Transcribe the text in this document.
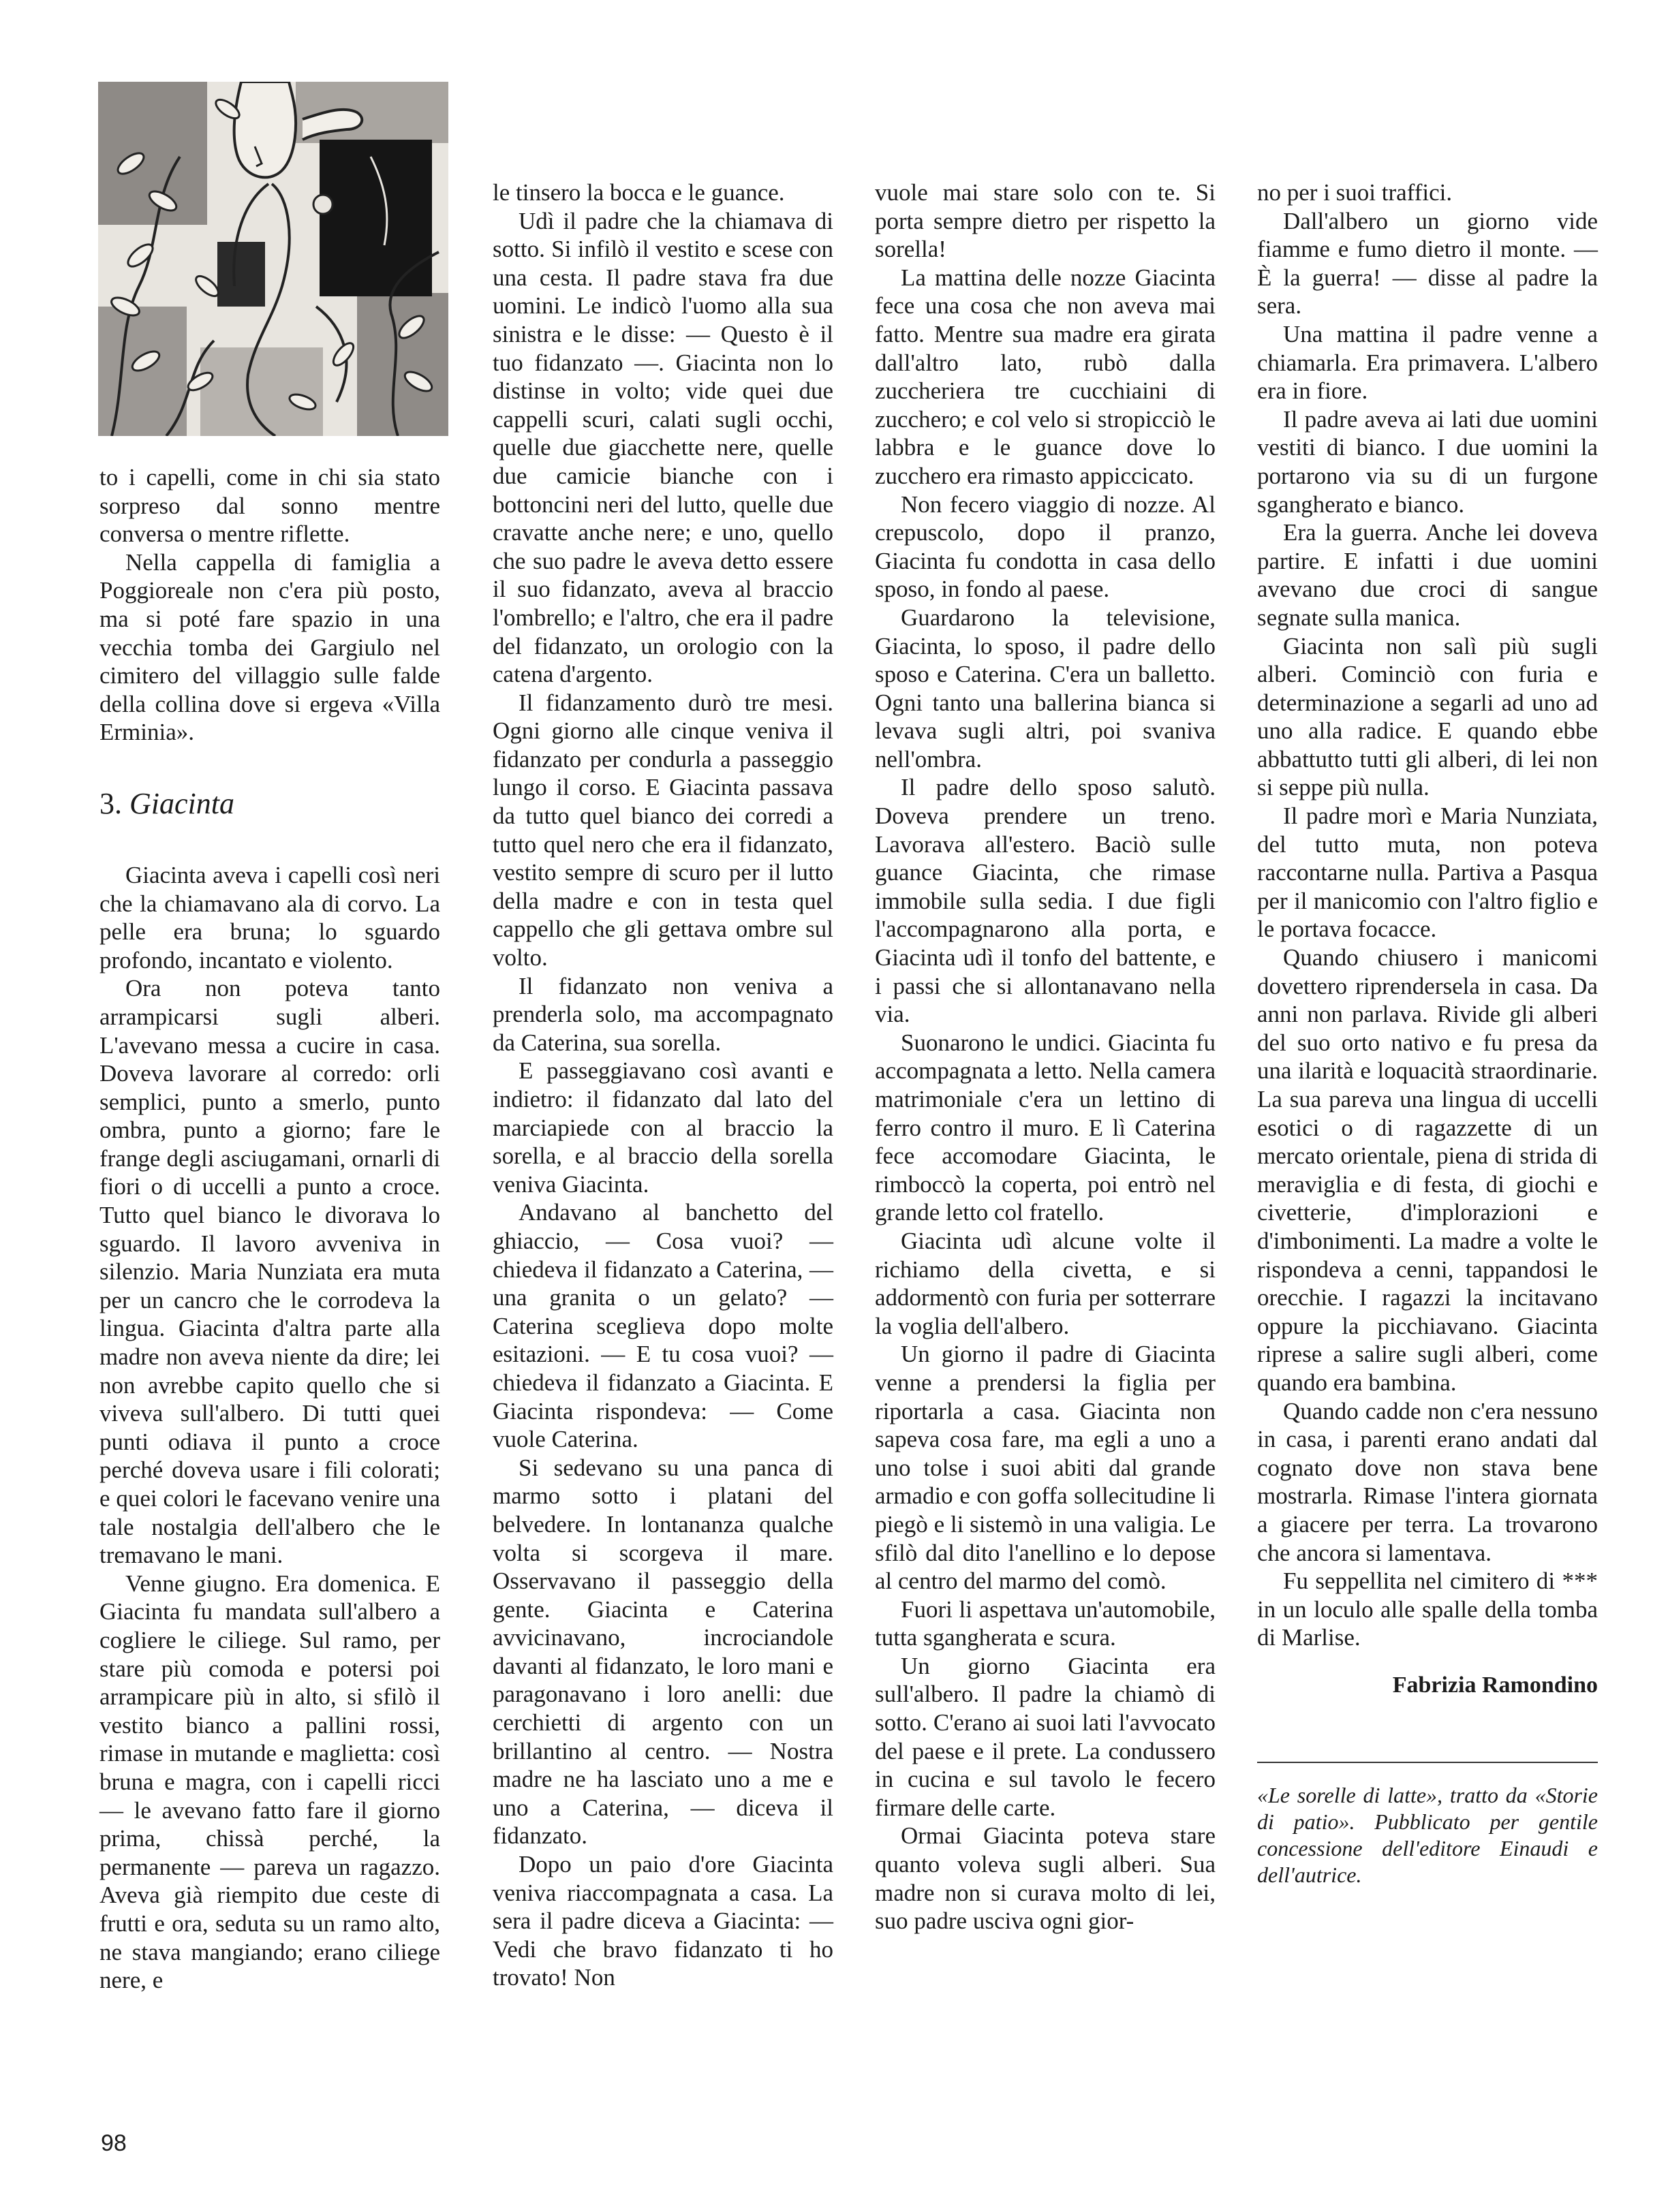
to i capelli, come in chi sia stato sorpreso dal sonno mentre conversa o mentre riflette.

Nella cappella di famiglia a Poggioreale non c'era più posto, ma si poté fare spazio in una vecchia tomba dei Gargiulo nel cimitero del villaggio sulle falde della collina dove si ergeva «Villa Erminia».

3. Giacinta

Giacinta aveva i capelli così neri che la chiamavano ala di corvo. La pelle era bruna; lo sguardo profondo, incantato e violento.

Ora non poteva tanto arrampicarsi sugli alberi. L'avevano messa a cucire in casa. Doveva lavorare al corredo: orli semplici, punto a smerlo, punto ombra, punto a giorno; fare le frange degli asciugamani, ornarli di fiori o di uccelli a punto a croce. Tutto quel bianco le divorava lo sguardo. Il lavoro avveniva in silenzio. Maria Nunziata era muta per un cancro che le corrodeva la lingua. Giacinta d'altra parte alla madre non aveva niente da dire; lei non avrebbe capito quello che si viveva sull'albero. Di tutti quei punti odiava il punto a croce perché doveva usare i fili colorati; e quei colori le facevano venire una tale nostalgia dell'albero che le tremavano le mani.

Venne giugno. Era domenica. E Giacinta fu mandata sull'albero a cogliere le ciliege. Sul ramo, per stare più comoda e potersi poi arrampicare più in alto, si sfilò il vestito bianco a pallini rossi, rimase in mutande e maglietta: così bruna e magra, con i capelli ricci — le avevano fatto fare il giorno prima, chissà perché, la permanente — pareva un ragazzo. Aveva già riempito due ceste di frutti e ora, seduta su un ramo alto, ne stava mangiando; erano ciliege nere, e

le tinsero la bocca e le guance.

Udì il padre che la chiamava di sotto. Si infilò il vestito e scese con una cesta. Il padre stava fra due uomini. Le indicò l'uomo alla sua sinistra e le disse: — Questo è il tuo fidanzato —. Giacinta non lo distinse in volto; vide quei due cappelli scuri, calati sugli occhi, quelle due giacchette nere, quelle due camicie bianche con i bottoncini neri del lutto, quelle due cravatte anche nere; e uno, quello che suo padre le aveva detto essere il suo fidanzato, aveva al braccio l'ombrello; e l'altro, che era il padre del fidanzato, un orologio con la catena d'argento.

Il fidanzamento durò tre mesi. Ogni giorno alle cinque veniva il fidanzato per condurla a passeggio lungo il corso. E Giacinta passava da tutto quel bianco dei corredi a tutto quel nero che era il fidanzato, vestito sempre di scuro per il lutto della madre e con in testa quel cappello che gli gettava ombre sul volto.

Il fidanzato non veniva a prenderla solo, ma accompagnato da Caterina, sua sorella.

E passeggiavano così avanti e indietro: il fidanzato dal lato del marciapiede con al braccio la sorella, e al braccio della sorella veniva Giacinta.

Andavano al banchetto del ghiaccio, — Cosa vuoi? — chiedeva il fidanzato a Caterina, — una granita o un gelato? — Caterina sceglieva dopo molte esitazioni. — E tu cosa vuoi? — chiedeva il fidanzato a Giacinta. E Giacinta rispondeva: — Come vuole Caterina.

Si sedevano su una panca di marmo sotto i platani del belvedere. In lontananza qualche volta si scorgeva il mare. Osservavano il passeggio della gente. Giacinta e Caterina avvicinavano, incrociandole davanti al fidanzato, le loro mani e paragonavano i loro anelli: due cerchietti di argento con un brillantino al centro. — Nostra madre ne ha lasciato uno a me e uno a Caterina, — diceva il fidanzato.

Dopo un paio d'ore Giacinta veniva riaccompagnata a casa. La sera il padre diceva a Giacinta: — Vedi che bravo fidanzato ti ho trovato! Non

vuole mai stare solo con te. Si porta sempre dietro per rispetto la sorella!

La mattina delle nozze Giacinta fece una cosa che non aveva mai fatto. Mentre sua madre era girata dall'altro lato, rubò dalla zuccheriera tre cucchiaini di zucchero; e col velo si stropicciò le labbra e le guance dove lo zucchero era rimasto appiccicato.

Non fecero viaggio di nozze. Al crepuscolo, dopo il pranzo, Giacinta fu condotta in casa dello sposo, in fondo al paese.

Guardarono la televisione, Giacinta, lo sposo, il padre dello sposo e Caterina. C'era un balletto. Ogni tanto una ballerina bianca si levava sugli altri, poi svaniva nell'ombra.

Il padre dello sposo salutò. Doveva prendere un treno. Lavorava all'estero. Baciò sulle guance Giacinta, che rimase immobile sulla sedia. I due figli l'accompagnarono alla porta, e Giacinta udì il tonfo del battente, e i passi che si allontanavano nella via.

Suonarono le undici. Giacinta fu accompagnata a letto. Nella camera matrimoniale c'era un lettino di ferro contro il muro. E lì Caterina fece accomodare Giacinta, le rimboccò la coperta, poi entrò nel grande letto col fratello.

Giacinta udì alcune volte il richiamo della civetta, e si addormentò con furia per sotterrare la voglia dell'albero.

Un giorno il padre di Giacinta venne a prendersi la figlia per riportarla a casa. Giacinta non sapeva cosa fare, ma egli a uno a uno tolse i suoi abiti dal grande armadio e con goffa sollecitudine li piegò e li sistemò in una valigia. Le sfilò dal dito l'anellino e lo depose al centro del marmo del comò.

Fuori li aspettava un'automobile, tutta sgangherata e scura.

Un giorno Giacinta era sull'albero. Il padre la chiamò di sotto. C'erano ai suoi lati l'avvocato del paese e il prete. La condussero in cucina e sul tavolo le fecero firmare delle carte.

Ormai Giacinta poteva stare quanto voleva sugli alberi. Sua madre non si curava molto di lei, suo padre usciva ogni gior-

no per i suoi traffici.

Dall'albero un giorno vide fiamme e fumo dietro il monte. — È la guerra! — disse al padre la sera.

Una mattina il padre venne a chiamarla. Era primavera. L'albero era in fiore.

Il padre aveva ai lati due uomini vestiti di bianco. I due uomini la portarono via su di un furgone sgangherato e bianco.

Era la guerra. Anche lei doveva partire. E infatti i due uomini avevano due croci di sangue segnate sulla manica.

Giacinta non salì più sugli alberi. Cominciò con furia e determinazione a segarli ad uno ad uno alla radice. E quando ebbe abbattutto tutti gli alberi, di lei non si seppe più nulla.

Il padre morì e Maria Nunziata, del tutto muta, non poteva raccontarne nulla. Partiva a Pasqua per il manicomio con l'altro figlio e le portava focacce.

Quando chiusero i manicomi dovettero riprendersela in casa. Da anni non parlava. Rivide gli alberi del suo orto nativo e fu presa da una ilarità e loquacità straordinarie. La sua pareva una lingua di uccelli esotici o di ragazzette di un mercato orientale, piena di strida di meraviglia e di festa, di giochi e civetterie, d'implorazioni e d'imbonimenti. La madre a volte le rispondeva a cenni, tappandosi le orecchie. I ragazzi la incitavano oppure la picchiavano. Giacinta riprese a salire sugli alberi, come quando era bambina.

Quando cadde non c'era nessuno in casa, i parenti erano andati dal cognato dove non stava bene mostrarla. Rimase l'intera giornata a giacere per terra. La trovarono che ancora si lamentava.

Fu seppellita nel cimitero di *** in un loculo alle spalle della tomba di Marlise.

Fabrizia Ramondino

«Le sorelle di latte», tratto da «Storie di patio». Pubblicato per gentile concessione dell'editore Einaudi e dell'autrice.

98
